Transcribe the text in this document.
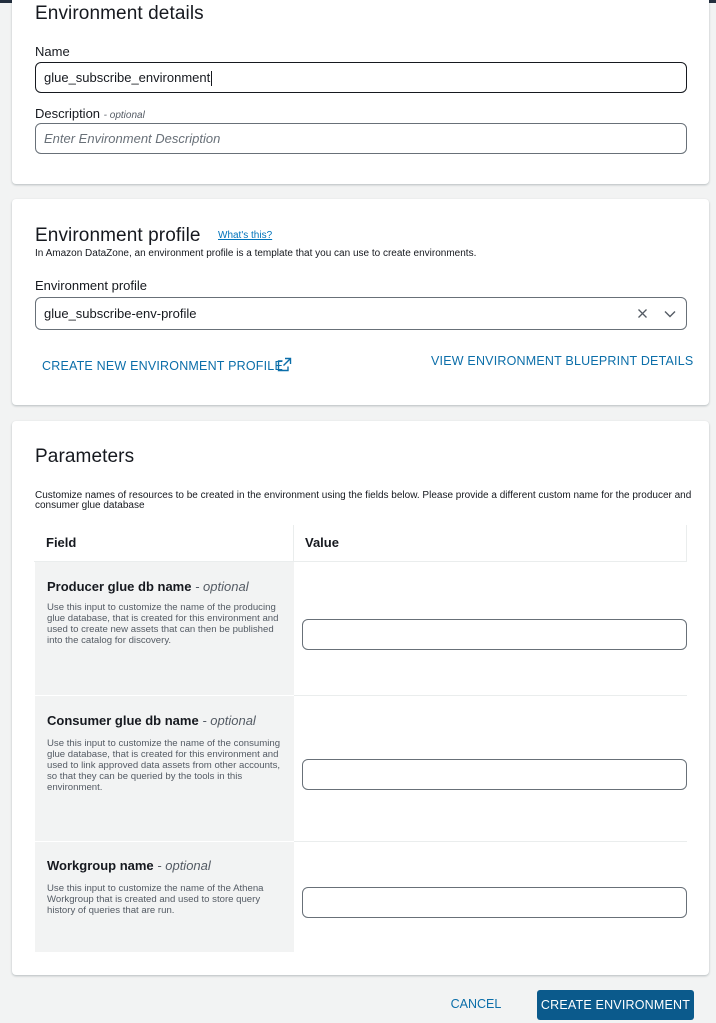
Environment details
Name
glue_subscribe_environment
Description - optional
Enter Environment Description
Environment profile What's this?
In Amazon DataZone, an environment profile is a template that you can use to create environments.
Environment profile
glue_subscribe-env-profile
CREATE NEW ENVIRONMENT PROFILE	VIEW ENVIRONMENT BLUEPRINT DETAILS
Parameters
Customize names of resources to be created in the environment using the fields below. Please provide a different custom name for the producer and consumer glue database
Field	Value
Producer glue db name - optional
Use this input to customize the name of the producing glue database, that is created for this environment and used to create new assets that can then be published into the catalog for discovery.
Consumer glue db name - optional
Use this input to customize the name of the consuming glue database, that is created for this environment and used to link approved data assets from other accounts, so that they can be queried by the tools in this environment.
Workgroup name - optional
Use this input to customize the name of the Athena Workgroup that is created and used to store query history of queries that are run.
CANCEL	CREATE ENVIRONMENT
